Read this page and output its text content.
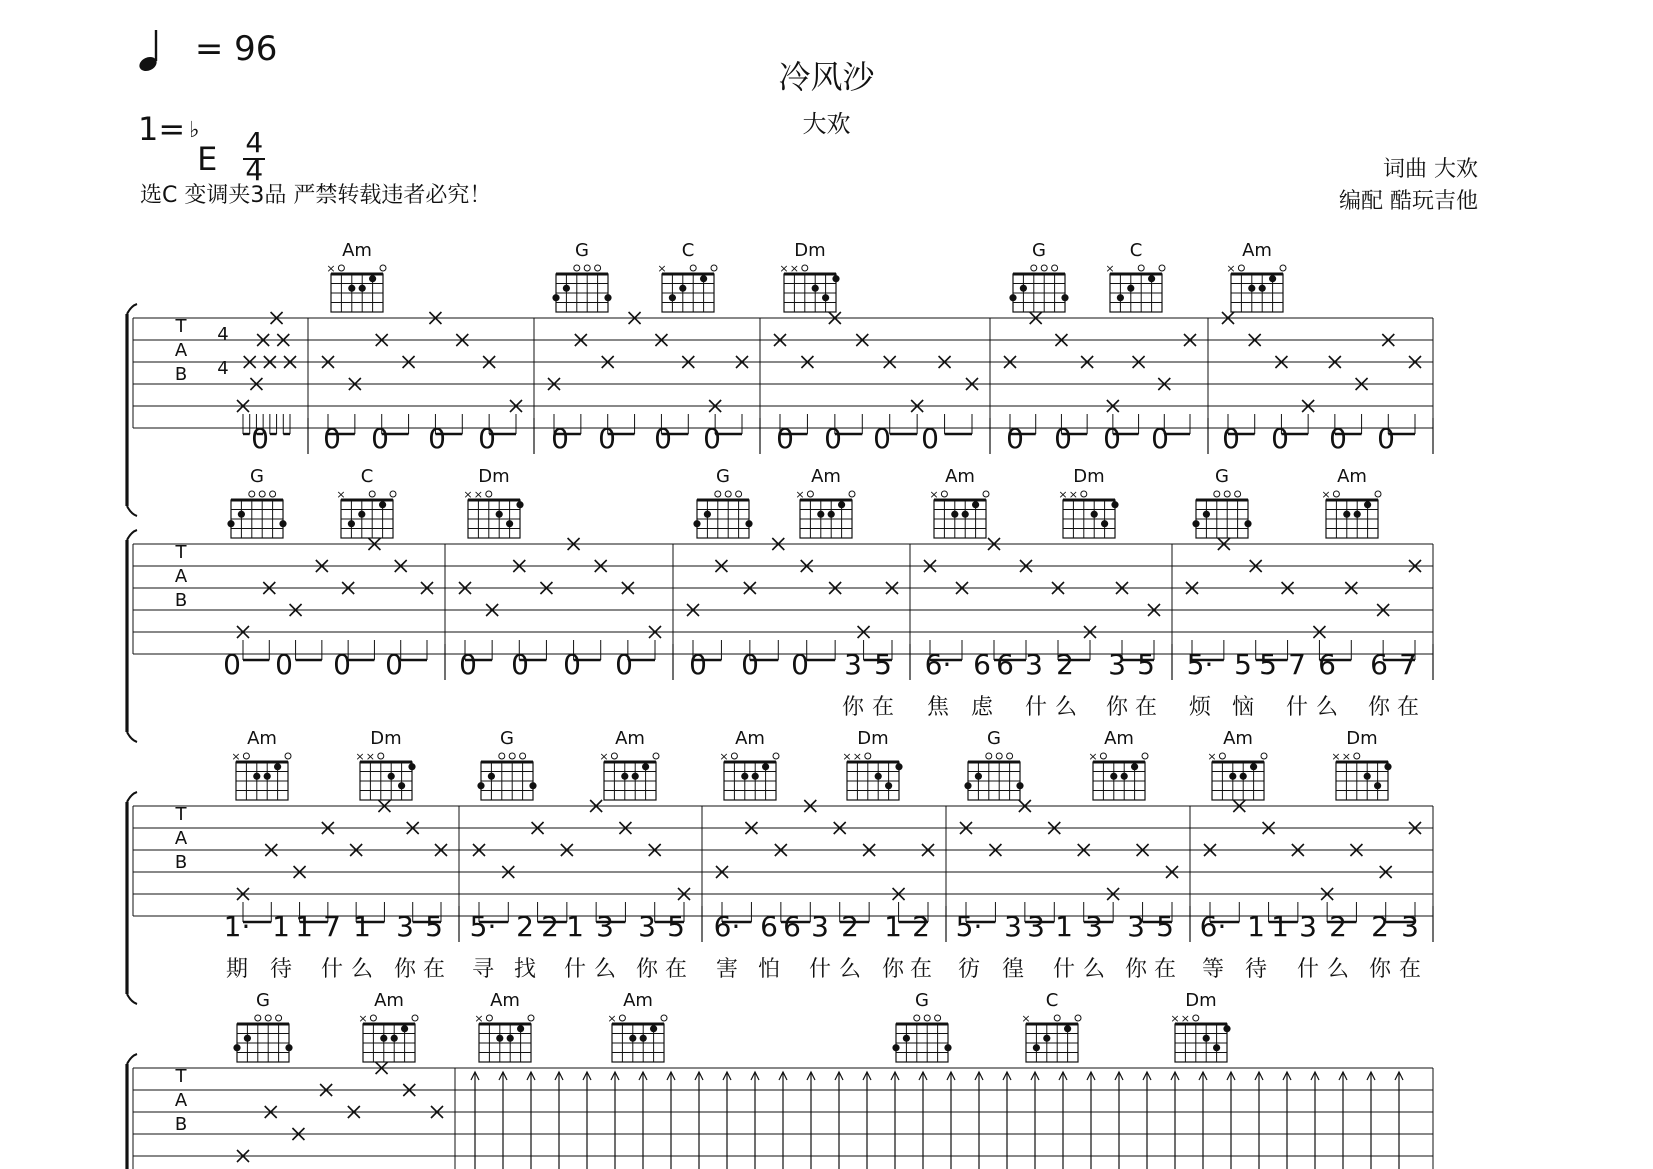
冷风沙
大欢
= 96
1= ♭
E

$\frac{4}{4}$
选C 变调夹3品 严禁转载违者必究！
词曲 大欢
编配 酷玩吉他
Am
×
G	C
×
Dm
× ×
G	C
×
Am
×
T
A
B
4
4
0 0 0 0 0 0 0 0 0 0 0 0 0 0 0 0 0 0 0 0 0
G	C
×
Dm
× ×
G	Am
×
Am
×
Dm
× ×
G	Am
×
T
A
B
0 0 0 0 0 0 0 0 0 0 0 3 5 6· 6 6 3 2 3 5 5· 5 5 7 6 6 7
你 在 焦 虑 什 么 你 在 烦 恼 什 么 你 在
Am
×
Dm
× ×
G	Am
×
Am
×
Dm
× ×
G	Am
×
Am
×
Dm
× ×
T
A
B
1· 1 1 7 1 3 5 5· 2 2 1 3 3 5 6· 6 6 3 2 1 2 5· 3 3 1 3 3 5 6· 1 1 3 2 2 3
期 待 什 么 你 在 寻 找 什 么 你 在 害 怕 什 么 你 在 彷 徨 什 么 你 在 等 待 什 么 你 在
G	Am
×
Am
×
Am
×
G	C
×
Dm
× ×
T
A
B
